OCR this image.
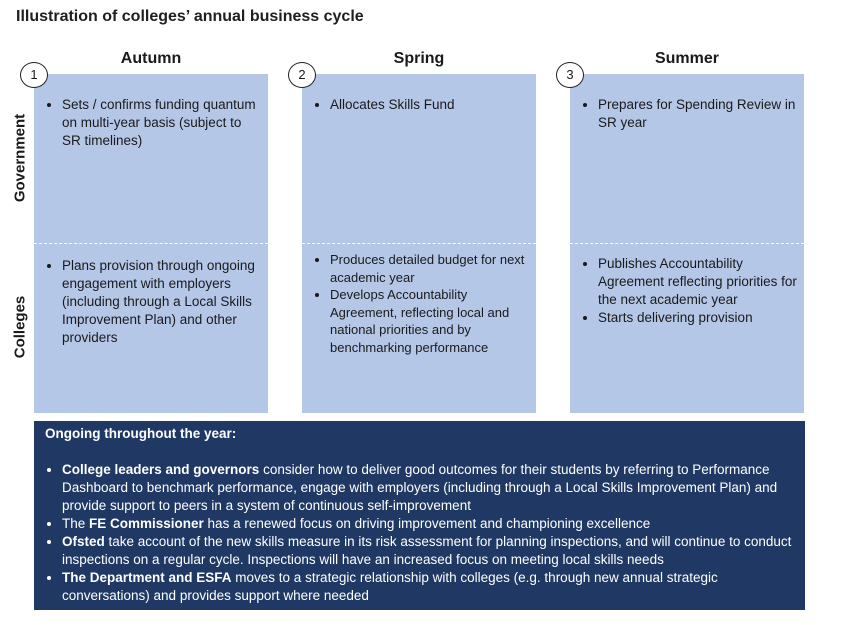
Illustration of colleges’ annual business cycle
Autumn	Spring	Summer
• Sets / confirms funding quantum on multi-year basis (subject to SR timelines)
• Plans provision through ongoing engagement with employers (including through a Local Skills Improvement Plan) and other providers
• Allocates Skills Fund
• Produces detailed budget for next academic year
• Develops Accountability Agreement, reflecting local and national priorities and by benchmarking performance
• Prepares for Spending Review in SR year
• Publishes Accountability Agreement reflecting priorities for the next academic year
• Starts delivering provision
1	2	3
Government
Colleges
Ongoing throughout the year:
• College leaders and governors consider how to deliver good outcomes for their students by referring to Performance Dashboard to benchmark performance, engage with employers (including through a Local Skills Improvement Plan) and provide support to peers in a system of continuous self-improvement
• The FE Commissioner has a renewed focus on driving improvement and championing excellence
• Ofsted take account of the new skills measure in its risk assessment for planning inspections, and will continue to conduct inspections on a regular cycle. Inspections will have an increased focus on meeting local skills needs
• The Department and ESFA moves to a strategic relationship with colleges (e.g. through new annual strategic conversations) and provides support where needed
